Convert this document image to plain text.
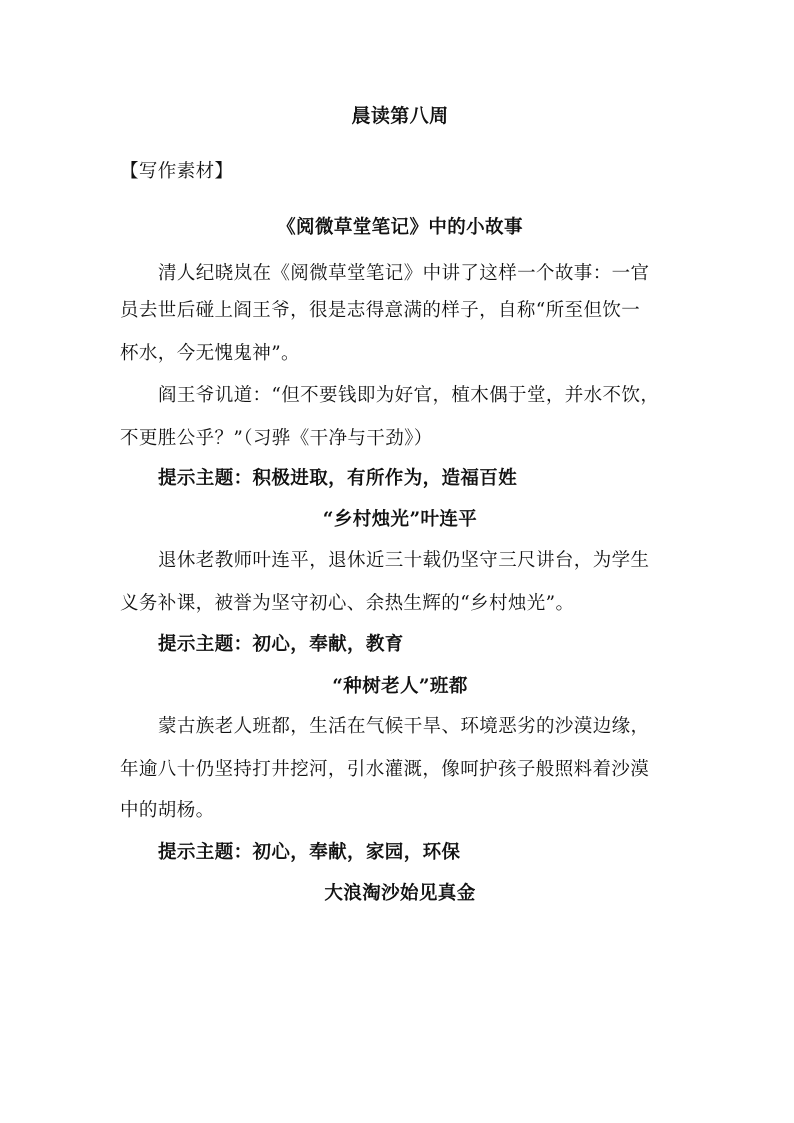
晨读第八周
【写作素材】
《阅微草堂笔记》中的小故事
清人纪晓岚在《阅微草堂笔记》中讲了这样一个故事：一官
员去世后碰上阎王爷，很是志得意满的样子，自称“所至但饮一
杯水，今无愧鬼神”。
阎王爷讥道：“但不要钱即为好官，植木偶于堂，并水不饮，
不更胜公乎？”（习骅《干净与干劲》）
提示主题：积极进取，有所作为，造福百姓
“乡村烛光”叶连平
退休老教师叶连平，退休近三十载仍坚守三尺讲台，为学生
义务补课，被誉为坚守初心、余热生辉的“乡村烛光”。
提示主题：初心，奉献，教育
“种树老人”班都
蒙古族老人班都，生活在气候干旱、环境恶劣的沙漠边缘，
年逾八十仍坚持打井挖河，引水灌溉，像呵护孩子般照料着沙漠
中的胡杨。
提示主题：初心，奉献，家园，环保
大浪淘沙始见真金
